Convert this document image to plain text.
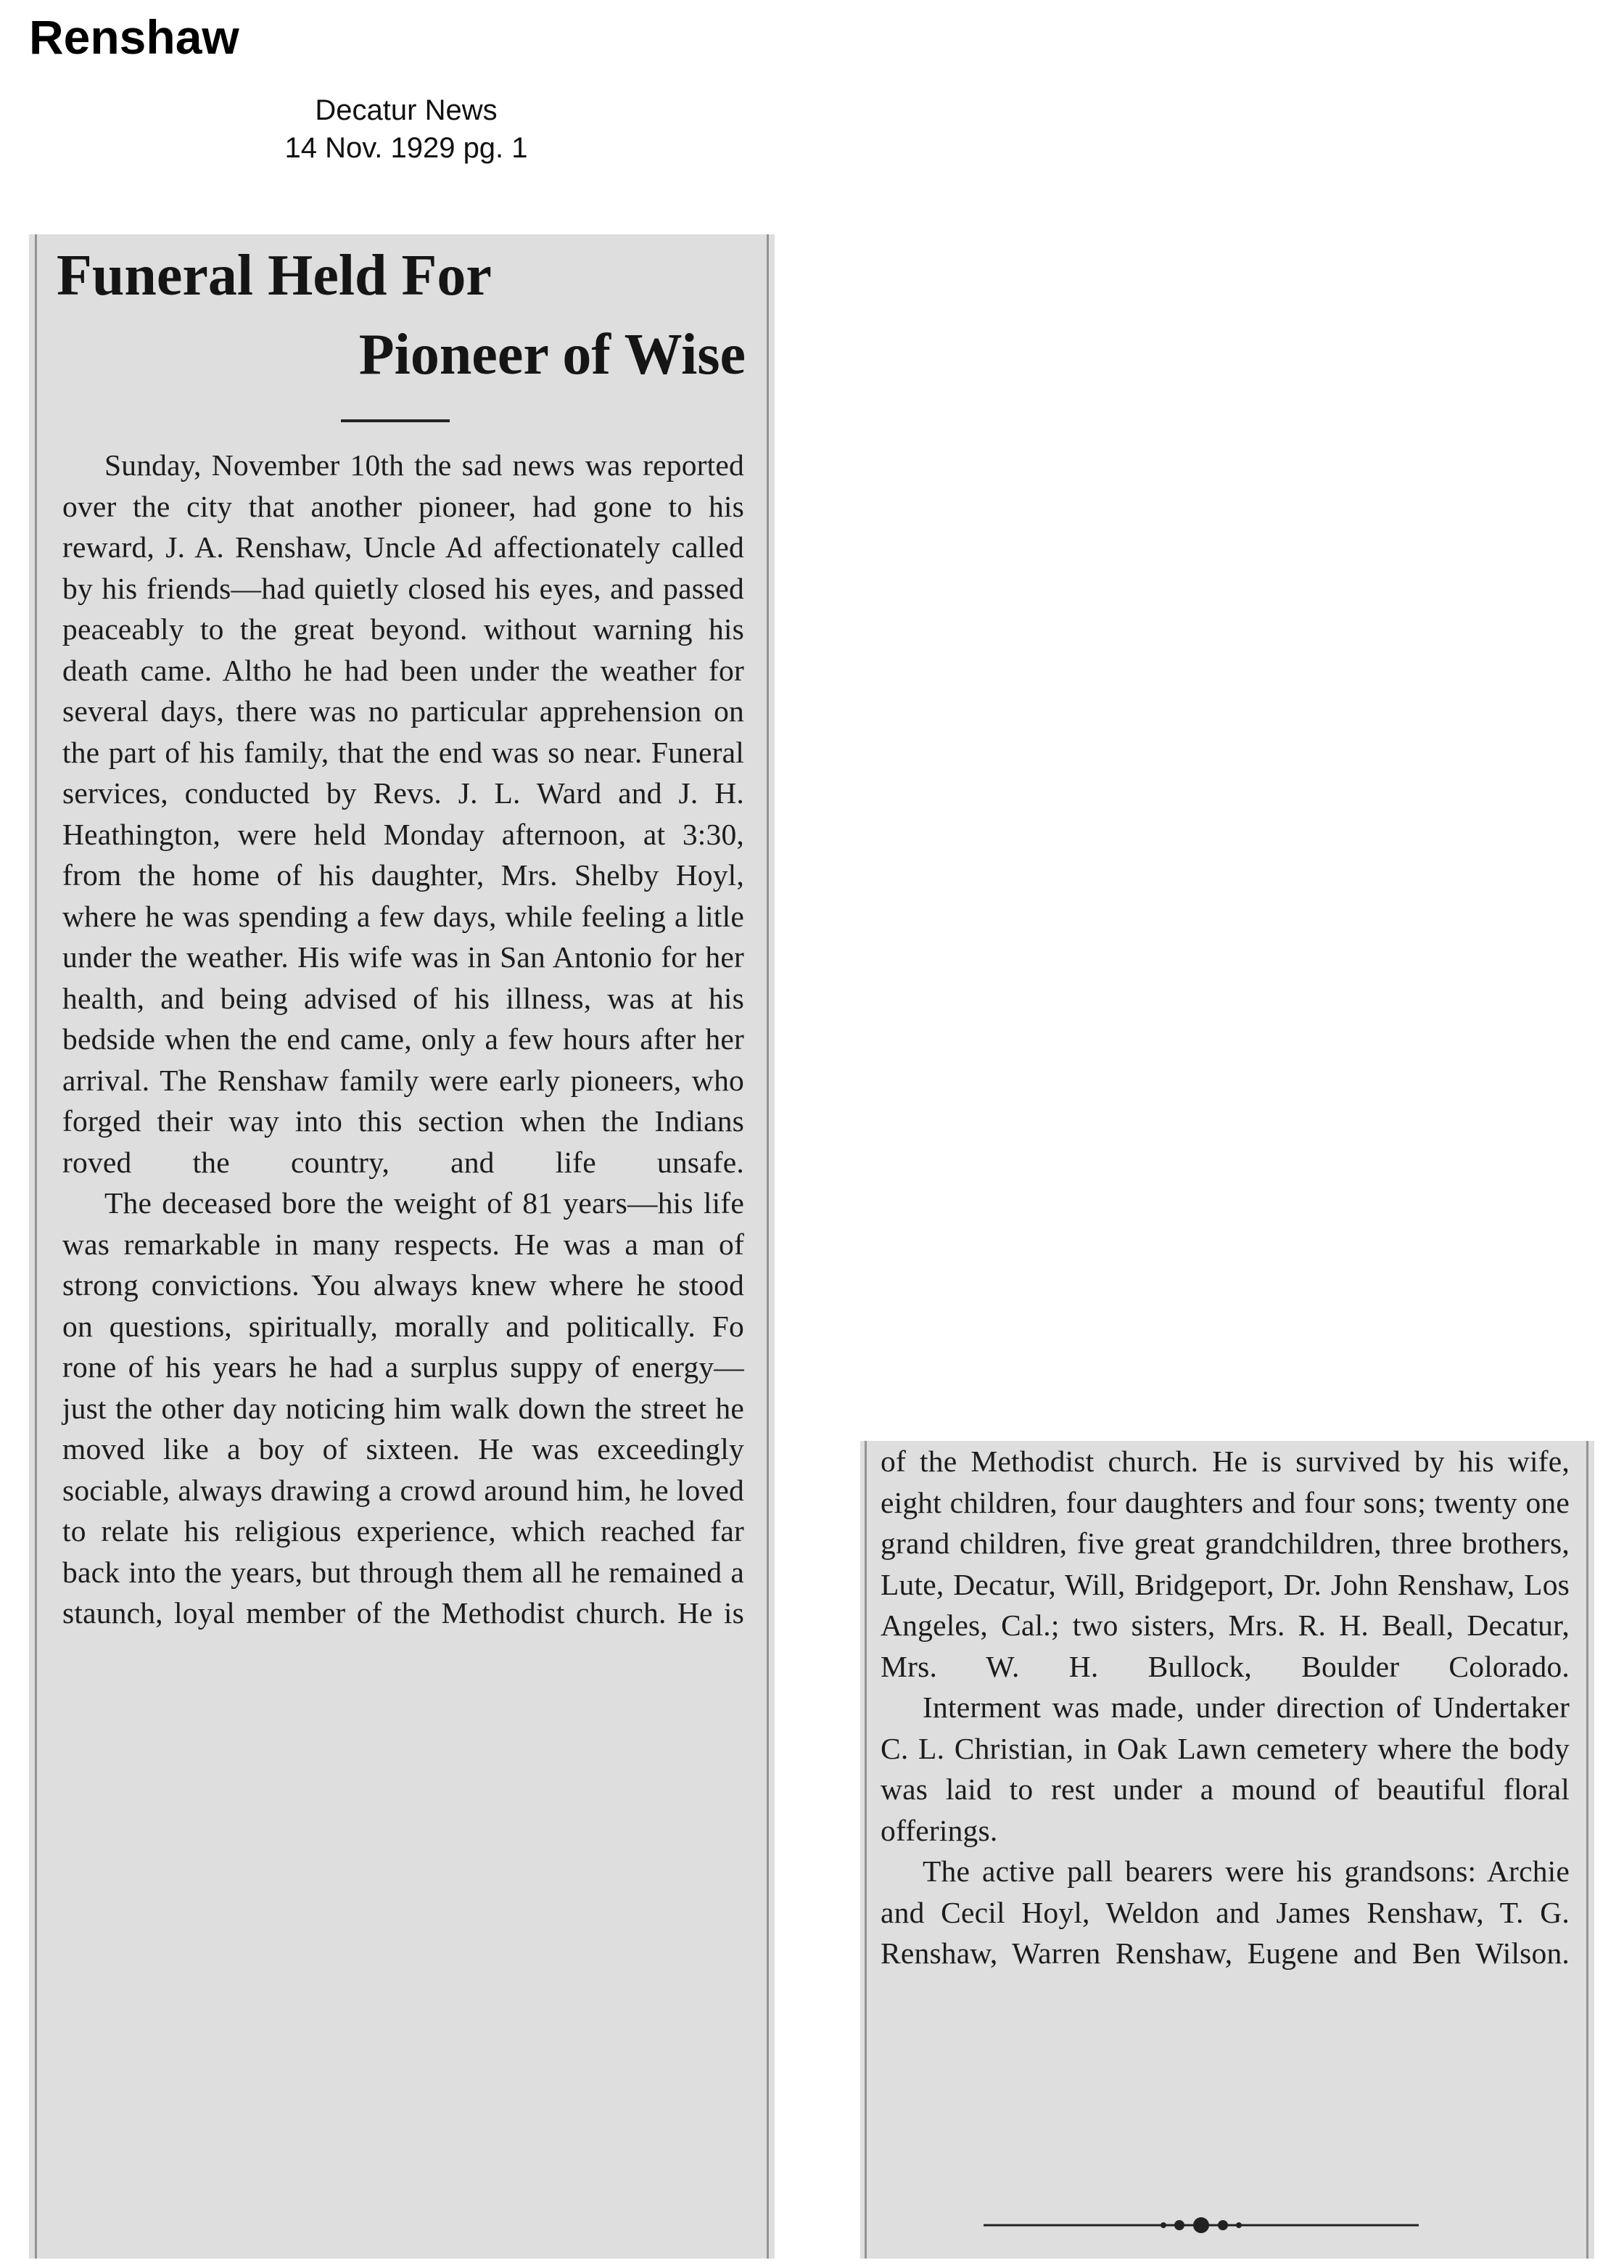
Renshaw
Decatur News
14 Nov. 1929 pg. 1
Funeral Held For
Pioneer of Wise

Sunday, November 10th the sad news was reported over the city that another pioneer, had gone to his reward, J. A. Renshaw, Uncle Ad affectionately called by his friends—had quietly closed his eyes, and passed peaceably to the great beyond. without warning his death came. Altho he had been under the weather for several days, there was no particular apprehension on the part of his family, that the end was so near. Funeral services, conducted by Revs. J. L. Ward and J. H. Heathington, were held Monday afternoon, at 3:30, from the home of his daughter, Mrs. Shelby Hoyl, where he was spending a few days, while feeling a litle under the weather. His wife was in San Antonio for her health, and being advised of his illness, was at his bedside when the end came, only a few hours after her arrival. The Renshaw family were early pioneers, who forged their way into this section when the Indians roved the country, and life unsafe.

The deceased bore the weight of 81 years—his life was remarkable in many respects. He was a man of strong convictions. You always knew where he stood on questions, spiritually, morally and politically. Fo rone of his years he had a surplus suppy of energy—just the other day noticing him walk down the street he moved like a boy of sixteen. He was exceedingly sociable, always drawing a crowd around him, he loved to relate his religious experience, which reached far back into the years, but through them all he remained a staunch, loyal member of the Methodist church. He is

of the Methodist church. He is survived by his wife, eight children, four daughters and four sons; twenty one grand children, five great grandchildren, three brothers, Lute, Decatur, Will, Bridgeport, Dr. John Renshaw, Los Angeles, Cal.; two sisters, Mrs. R. H. Beall, Decatur, Mrs. W. H. Bullock, Boulder Colorado.

Interment was made, under direction of Undertaker C. L. Christian, in Oak Lawn cemetery where the body was laid to rest under a mound of beautiful floral offerings.

The active pall bearers were his grandsons: Archie and Cecil Hoyl, Weldon and James Renshaw, T. G. Renshaw, Warren Renshaw, Eugene and Ben Wilson.
